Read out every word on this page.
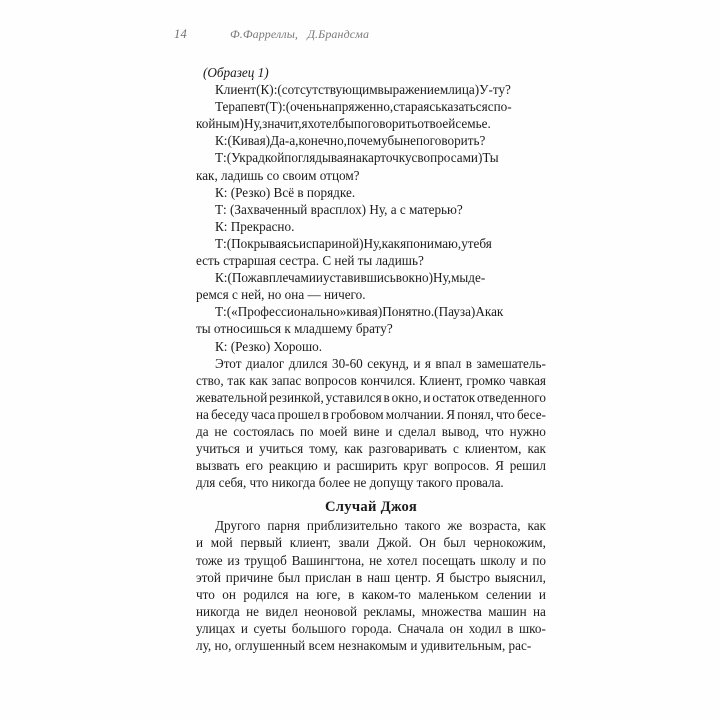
14	Ф.Фарреллы,   Д.Брандсма

(Образец 1)

Клиент(К):(сотсутствующимвыражениемлица)У-ту?

Терапевт(Т):(оченьнапряженно,стараяськазатьсяспо-

койным)Ну,значит,яхотелбыпоговоритьотвоейсемье.

К:(Кивая)Да-а,конечно,почемубынепоговорить?

Т:(Украдкойпоглядываянакарточкусвопросами)Ты

как, ладишь со своим отцом?

К: (Резко) Всё в порядке.

Т: (Захваченный врасплох) Ну, а с матерью?

К: Прекрасно.

Т:(Покрываясьиспариной)Ну,какяпонимаю,утебя

есть страршая сестра. С ней ты ладишь?

К:(Пожавплечамииуставившисьвокно)Ну,мыде-

ремся с ней, но она — ничего.

Т:(«Профессионально»кивая)Понятно.(Пауза)Акак

ты относишься к младшему брату?

К: (Резко) Хорошо.

Этот диалог длился 30-60 секунд, и я впал в замешатель-

ство, так как запас вопросов кончился. Клиент, громко чавкая

жевательной резинкой, уставился в окно, и остаток отведенного

на беседу часа прошел в гробовом молчании. Я понял, что бесе-

да не состоялась по моей вине и сделал вывод, что нужно

учиться и учиться тому, как разговаривать с клиентом, как

вызвать его реакцию и расширить круг вопросов. Я решил

для себя, что никогда более не допущу такого провала.

Случай Джоя

Другого парня приблизительно такого же возраста, как

и мой первый клиент, звали Джой. Он был чернокожим,

тоже из трущоб Вашингтона, не хотел посещать школу и по

этой причине был прислан в наш центр. Я быстро выяснил,

что он родился на юге, в каком-то маленьком селении и

никогда не видел неоновой рекламы, множества машин на

улицах и суеты большого города. Сначала он ходил в шко-

лу, но, оглушенный всем незнакомым и удивительным, рас-
